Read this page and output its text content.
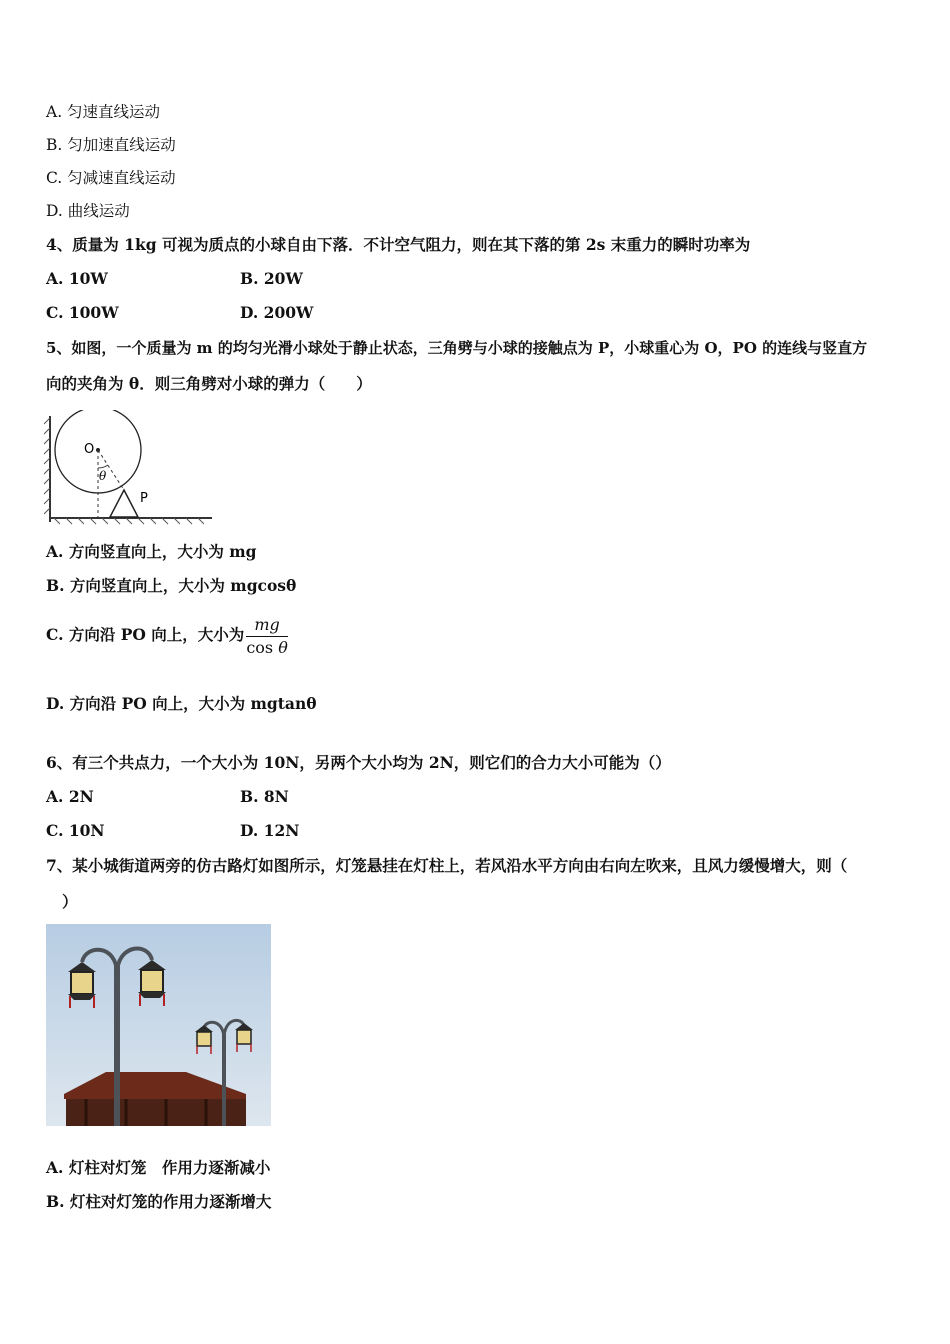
A. 匀速直线运动
B. 匀加速直线运动
C. 匀减速直线运动
D. 曲线运动
4、质量为 1kg 可视为质点的小球自由下落．不计空气阻力，则在其下落的第 2s 末重力的瞬时功率为
A. 10W	B. 20W
C. 100W	D. 200W
5、如图，一个质量为 m 的均匀光滑小球处于静止状态，三角劈与小球的接触点为 P，小球重心为 O，PO 的连线与竖直方
向的夹角为 θ．则三角劈对小球的弹力（　　）
O
θ
P
A. 方向竖直向上，大小为 mg
B. 方向竖直向上，大小为 mgcosθ
C. 方向沿 PO 向上，大小为 $\frac{mg}{\text{cos θ}}$
D. 方向沿 PO 向上，大小为 mgtanθ
6、有三个共点力，一个大小为 10N，另两个大小均为 2N，则它们的合力大小可能为（）
A. 2N	B. 8N
C. 10N	D. 12N
7、某小城街道两旁的仿古路灯如图所示，灯笼悬挂在灯柱上，若风沿水平方向由右向左吹来，且风力缓慢增大，则（
）
A. 灯柱对灯笼　作用力逐渐减小
B. 灯柱对灯笼的作用力逐渐增大
